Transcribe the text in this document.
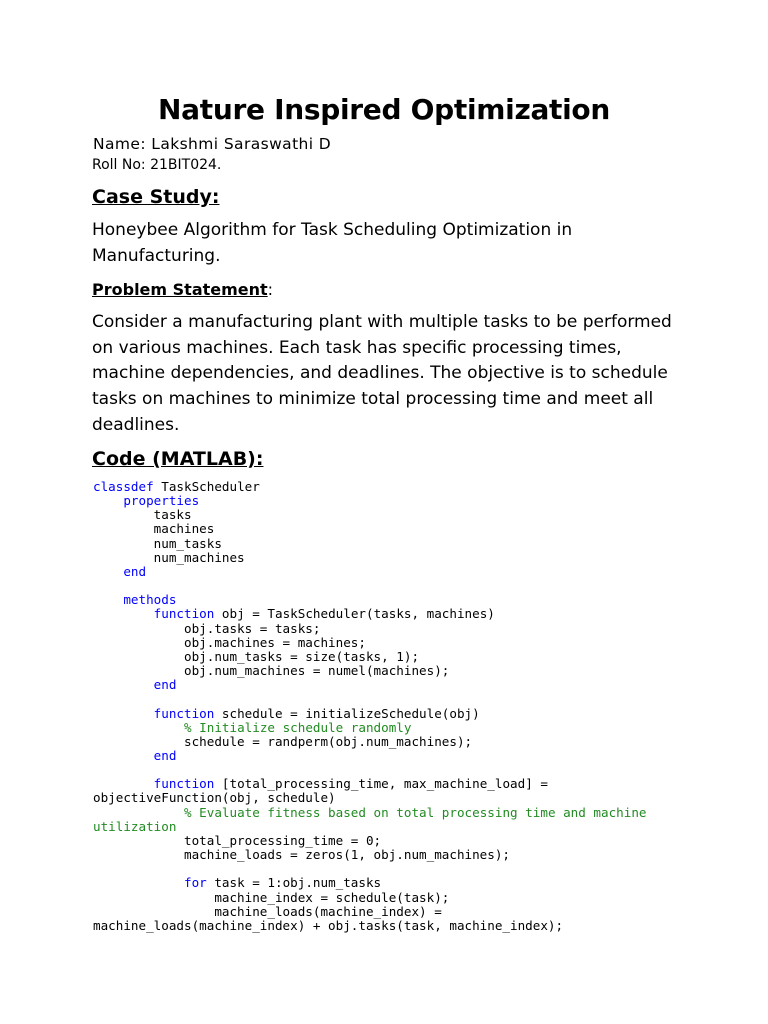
Nature Inspired Optimization
Name: Lakshmi Saraswathi D
Roll No: 21BIT024.
Case Study:
Honeybee Algorithm for Task Scheduling Optimization in Manufacturing.
Problem Statement:
Consider a manufacturing plant with multiple tasks to be performed on various machines. Each task has specific processing times, machine dependencies, and deadlines. The objective is to schedule tasks on machines to minimize total processing time and meet all deadlines.
Code (MATLAB):
classdef TaskScheduler
properties
tasks
machines
num_tasks
num_machines
end

methods
function obj = TaskScheduler(tasks, machines)
obj.tasks = tasks;
obj.machines = machines;
obj.num_tasks = size(tasks, 1);
obj.num_machines = numel(machines);
end

function schedule = initializeSchedule(obj)
% Initialize schedule randomly
schedule = randperm(obj.num_machines);
end

function [total_processing_time, max_machine_load] =
objectiveFunction(obj, schedule)
% Evaluate fitness based on total processing time and machine
utilization
total_processing_time = 0;
machine_loads = zeros(1, obj.num_machines);

for task = 1:obj.num_tasks
machine_index = schedule(task);
machine_loads(machine_index) =
machine_loads(machine_index) + obj.tasks(task, machine_index);
